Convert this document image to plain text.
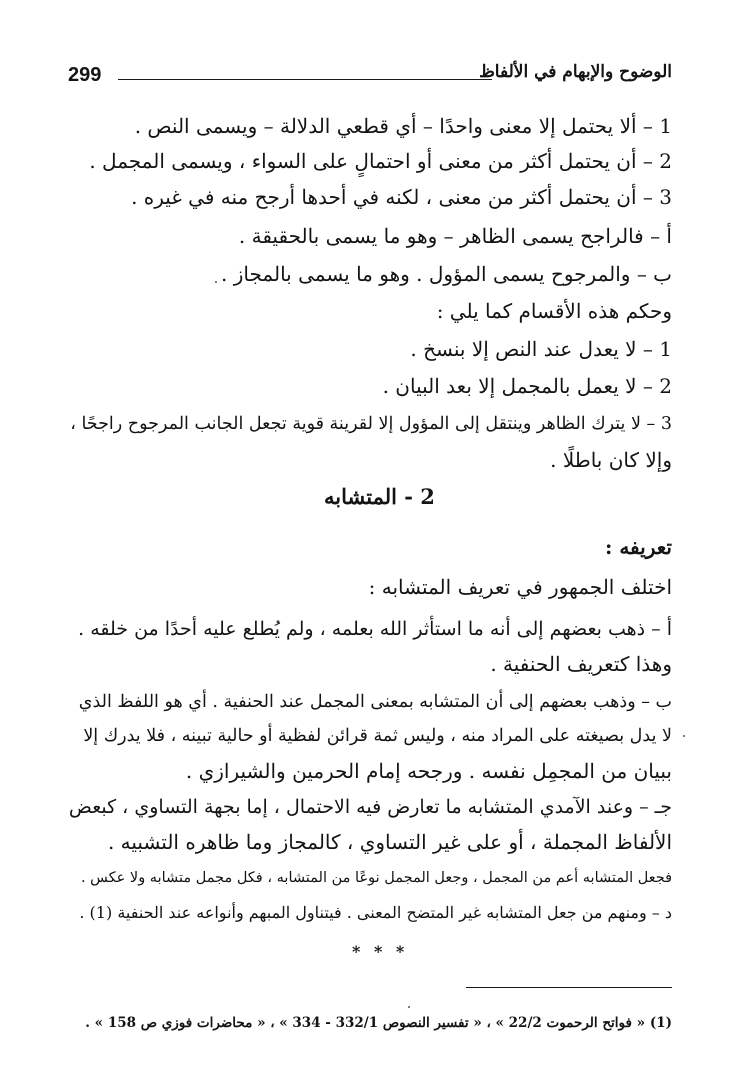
299	الوضوح والإبهام في الألفاظ
1 – ألا يحتمل إلا معنى واحدًا – أي قطعي الدلالة – ويسمى النص .
2 – أن يحتمل أكثر من معنى أو احتمالٍ على السواء ، ويسمى المجمل .
3 – أن يحتمل أكثر من معنى ، لكنه في أحدها أرجح منه في غيره .
أ – فالراجح يسمى الظاهر – وهو ما يسمى بالحقيقة .
ب – والمرجوح يسمى المؤول . وهو ما يسمى بالمجاز .
وحكم هذه الأقسام كما يلي :
1 – لا يعدل عند النص إلا بنسخ .
2 – لا يعمل بالمجمل إلا بعد البيان .
3 – لا يترك الظاهر وينتقل إلى المؤول إلا لقرينة قوية تجعل الجانب المرجوح راجحًا ،
وإلا كان باطلًا .
2 - المتشابه
تعريفه :
اختلف الجمهور في تعريف المتشابه :
أ – ذهب بعضهم إلى أنه ما استأثر الله بعلمه ، ولم يُطلع عليه أحدًا من خلقه .
وهذا كتعريف الحنفية .
ب – وذهب بعضهم إلى أن المتشابه بمعنى المجمل عند الحنفية . أي هو اللفظ الذي
لا يدل بصيغته على المراد منه ، وليس ثمة قرائن لفظية أو حالية تبينه ، فلا يدرك إلا
ببيان من المجمِل نفسه . ورجحه إمام الحرمين والشيرازي .
جـ – وعند الآمدي المتشابه ما تعارض فيه الاحتمال ، إما بجهة التساوي ، كبعض
الألفاظ المجملة ، أو على غير التساوي ، كالمجاز وما ظاهره التشبيه .
فجعل المتشابه أعم من المجمل ، وجعل المجمل نوعًا من المتشابه ، فكل مجمل متشابه ولا عكس .
د – ومنهم من جعل المتشابه غير المتضح المعنى . فيتناول المبهم وأنواعه عند الحنفية (1) .
* * *
(1) « فواتح الرحموت 22/2 » ، « تفسير النصوص 332/1 - 334 » ، « محاضرات فوزي ص 158 » .
